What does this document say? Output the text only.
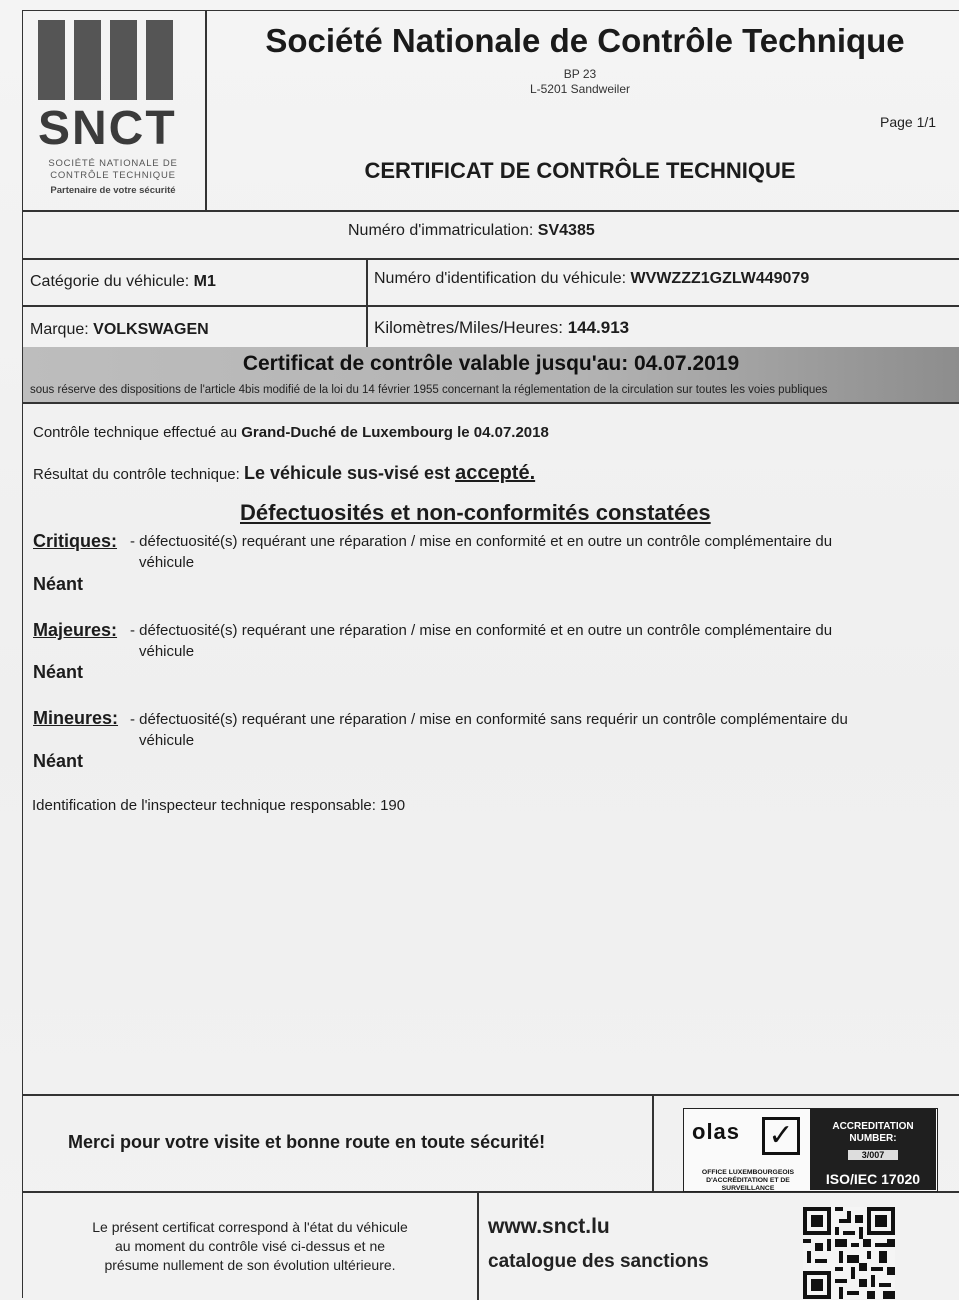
SNCT
SOCIÉTÉ NATIONALE DE
CONTRÔLE TECHNIQUE
Partenaire de votre sécurité
Société Nationale de Contrôle Technique
BP 23
L-5201 Sandweiler
Page 1/1
CERTIFICAT DE CONTRÔLE TECHNIQUE
Numéro d'immatriculation: SV4385
Catégorie du véhicule: M1	Numéro d'identification du véhicule: WVWZZZ1GZLW449079
Marque: VOLKSWAGEN	Kilomètres/Miles/Heures: 144.913
Certificat de contrôle valable jusqu'au: 04.07.2019
sous réserve des dispositions de l'article 4bis modifié de la loi du 14 février 1955 concernant la réglementation de la circulation sur toutes les voies publiques
Contrôle technique effectué au Grand-Duché de Luxembourg le 04.07.2018
Résultat du contrôle technique: Le véhicule sus-visé est accepté.
Défectuosités et non-conformités constatées
Critiques: - défectuosité(s) requérant une réparation / mise en conformité et en outre un contrôle complémentaire du
véhicule
Néant
Majeures: - défectuosité(s) requérant une réparation / mise en conformité et en outre un contrôle complémentaire du
véhicule
Néant
Mineures: - défectuosité(s) requérant une réparation / mise en conformité sans requérir un contrôle complémentaire du
véhicule
Néant
Identification de l'inspecteur technique responsable: 190
Merci pour votre visite et bonne route en toute sécurité!	olas ✓
OFFICE LUXEMBOURGEOIS
D'ACCRÉDITATION ET DE SURVEILLANCE
ACCREDITATION
NUMBER:
3/007
ISO/IEC 17020
Le présent certificat correspond à l'état du véhicule
au moment du contrôle visé ci-dessus et ne
présume nullement de son évolution ultérieure.
www.snct.lu
catalogue des sanctions
